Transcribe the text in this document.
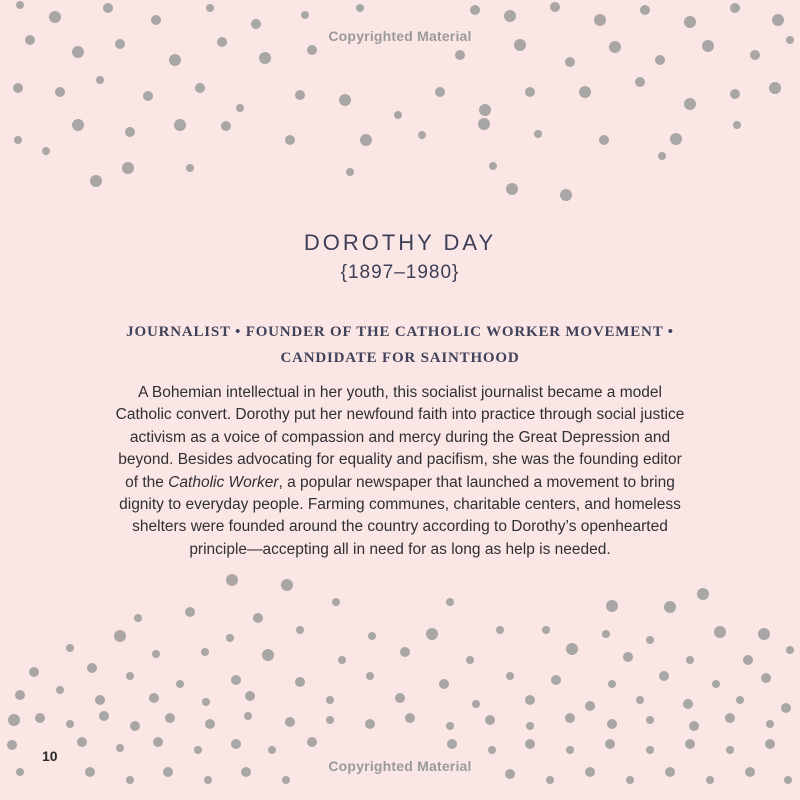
Copyrighted Material
DOROTHY DAY
{1897–1980}
JOURNALIST • FOUNDER OF THE CATHOLIC WORKER MOVEMENT •
CANDIDATE FOR SAINTHOOD
A Bohemian intellectual in her youth, this socialist journalist became a model
Catholic convert. Dorothy put her newfound faith into practice through social justice
activism as a voice of compassion and mercy during the Great Depression and
beyond. Besides advocating for equality and pacifism, she was the founding editor
of the Catholic Worker, a popular newspaper that launched a movement to bring
dignity to everyday people. Farming communes, charitable centers, and homeless
shelters were founded around the country according to Dorothy’s openhearted
principle—accepting all in need for as long as help is needed.
10
Copyrighted Material
